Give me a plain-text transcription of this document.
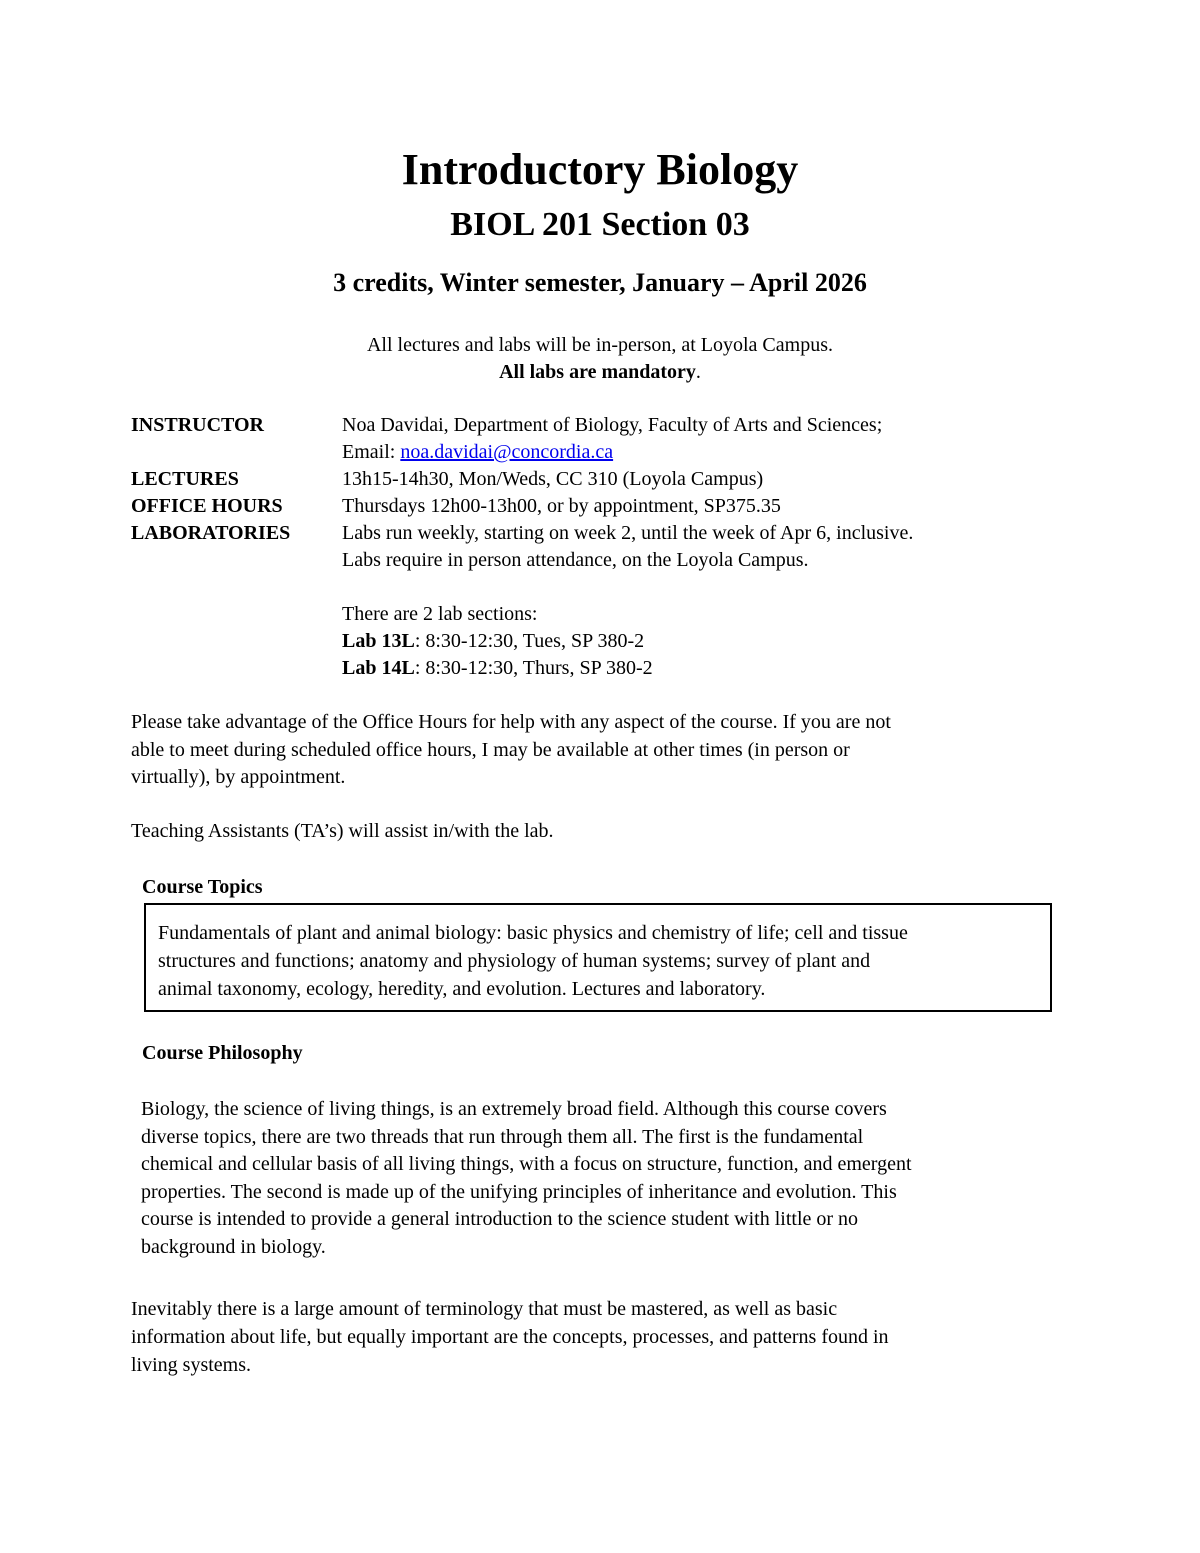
Introductory Biology
BIOL 201 Section 03
3 credits, Winter semester, January – April 2026
All lectures and labs will be in-person, at Loyola Campus.
All labs are mandatory.
INSTRUCTOR	Noa Davidai, Department of Biology, Faculty of Arts and Sciences;
Email: noa.davidai@concordia.ca
LECTURES	13h15-14h30, Mon/Weds, CC 310 (Loyola Campus)
OFFICE HOURS	Thursdays 12h00-13h00, or by appointment, SP375.35
LABORATORIES	Labs run weekly, starting on week 2, until the week of Apr 6, inclusive.
Labs require in person attendance, on the Loyola Campus.
There are 2 lab sections:
Lab 13L: 8:30-12:30, Tues, SP 380-2
Lab 14L: 8:30-12:30, Thurs, SP 380-2
Please take advantage of the Office Hours for help with any aspect of the course. If you are not
able to meet during scheduled office hours, I may be available at other times (in person or
virtually), by appointment.
Teaching Assistants (TA’s) will assist in/with the lab.
Course Topics
Fundamentals of plant and animal biology: basic physics and chemistry of life; cell and tissue
structures and functions; anatomy and physiology of human systems; survey of plant and
animal taxonomy, ecology, heredity, and evolution. Lectures and laboratory.
Course Philosophy
Biology, the science of living things, is an extremely broad field. Although this course covers
diverse topics, there are two threads that run through them all. The first is the fundamental
chemical and cellular basis of all living things, with a focus on structure, function, and emergent
properties. The second is made up of the unifying principles of inheritance and evolution. This
course is intended to provide a general introduction to the science student with little or no
background in biology.
Inevitably there is a large amount of terminology that must be mastered, as well as basic
information about life, but equally important are the concepts, processes, and patterns found in
living systems.
